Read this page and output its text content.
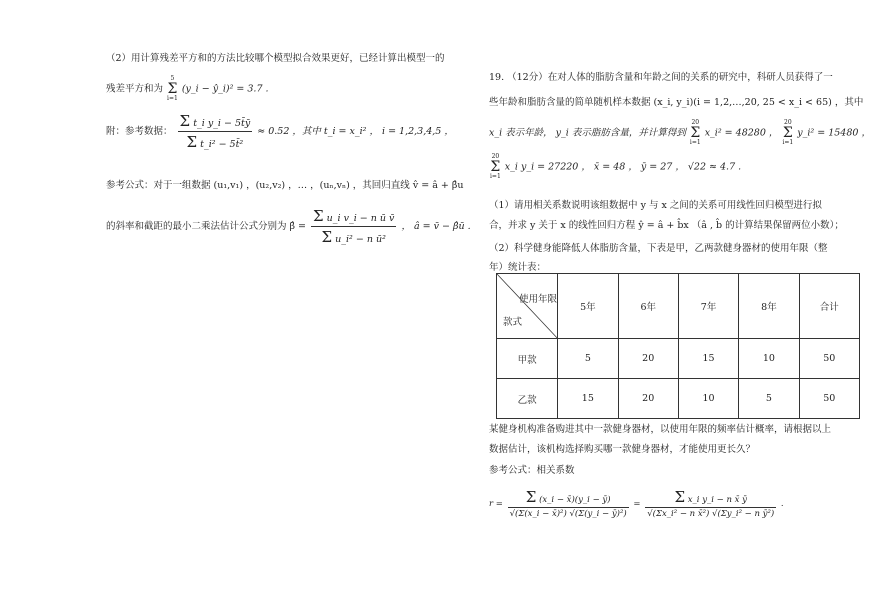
（2）用计算残差平方和的方法比较哪个模型拟合效果更好，已经计算出模型一的
残差平方和为
5
Σ
i=1
(y_i − ŷ_i)² = 3.7 .
附：参考数据： $\frac{\text{Σ t\_i y\_i − 5t̄ȳ}}{\text{Σ t\_i² − 5t̄²}} \approx 0.52$ ，其中 t_i = x_i² ， i = 1,2,3,4,5 ，
参考公式：对于一组数据 (u₁,v₁) ，(u₂,v₂) ，… ，(uₙ,vₙ) ，其回归直线 v̂ = â + β̂u
的斜率和截距的最小二乘法估计公式分别为 β̂ = $\frac{\text{Σ u\_i v\_i − n ū v̄}}{\text{Σ u\_i² − n ū²}}$ ， â = v̄ − β̂ū .
19. （12分）在对人体的脂肪含量和年龄之间的关系的研究中，科研人员获得了一
些年龄和脂肪含量的简单随机样本数据 (x_i, y_i)(i = 1,2,…,20, 25 < x_i < 65) ，其中
x_i 表示年龄， y_i 表示脂肪含量，并计算得到
20
Σ
i=1
x_i² = 48280 ，
20
Σ
i=1
y_i² = 15480 ，
20
Σ
i=1
x_i y_i = 27220 ， x̄ = 48 ， ȳ = 27 ， √22 ≈ 4.7 .
（1）请用相关系数说明该组数据中 y 与 x 之间的关系可用线性回归模型进行拟
合，并求 y 关于 x 的线性回归方程 ŷ = â + b̂x （â , b̂ 的计算结果保留两位小数）；
（2）科学健身能降低人体脂肪含量，下表是甲，乙两款健身器材的使用年限（整
年）统计表：
使用年限
款式	5年	6年	7年	8年	合计
甲款	5	20	15	10	50
乙款	15	20	10	5	50
某健身机构准备购进其中一款健身器材，以使用年限的频率估计概率，请根据以上
数据估计，该机构选择购买哪一款健身器材，才能使用更长久？
参考公式：相关系数
$r = \frac{\Sigma (x\_i - x̄)(y\_i - ȳ)}{\text{√(Σ(x\_i − x̄)²) √(Σ(y\_i − ȳ)²)}} = \frac{\text{Σ x\_i y\_i − n x̄ ȳ}}{\text{√(Σx\_i² − n x̄²) √(Σy\_i² − n ȳ²)}}$ .
